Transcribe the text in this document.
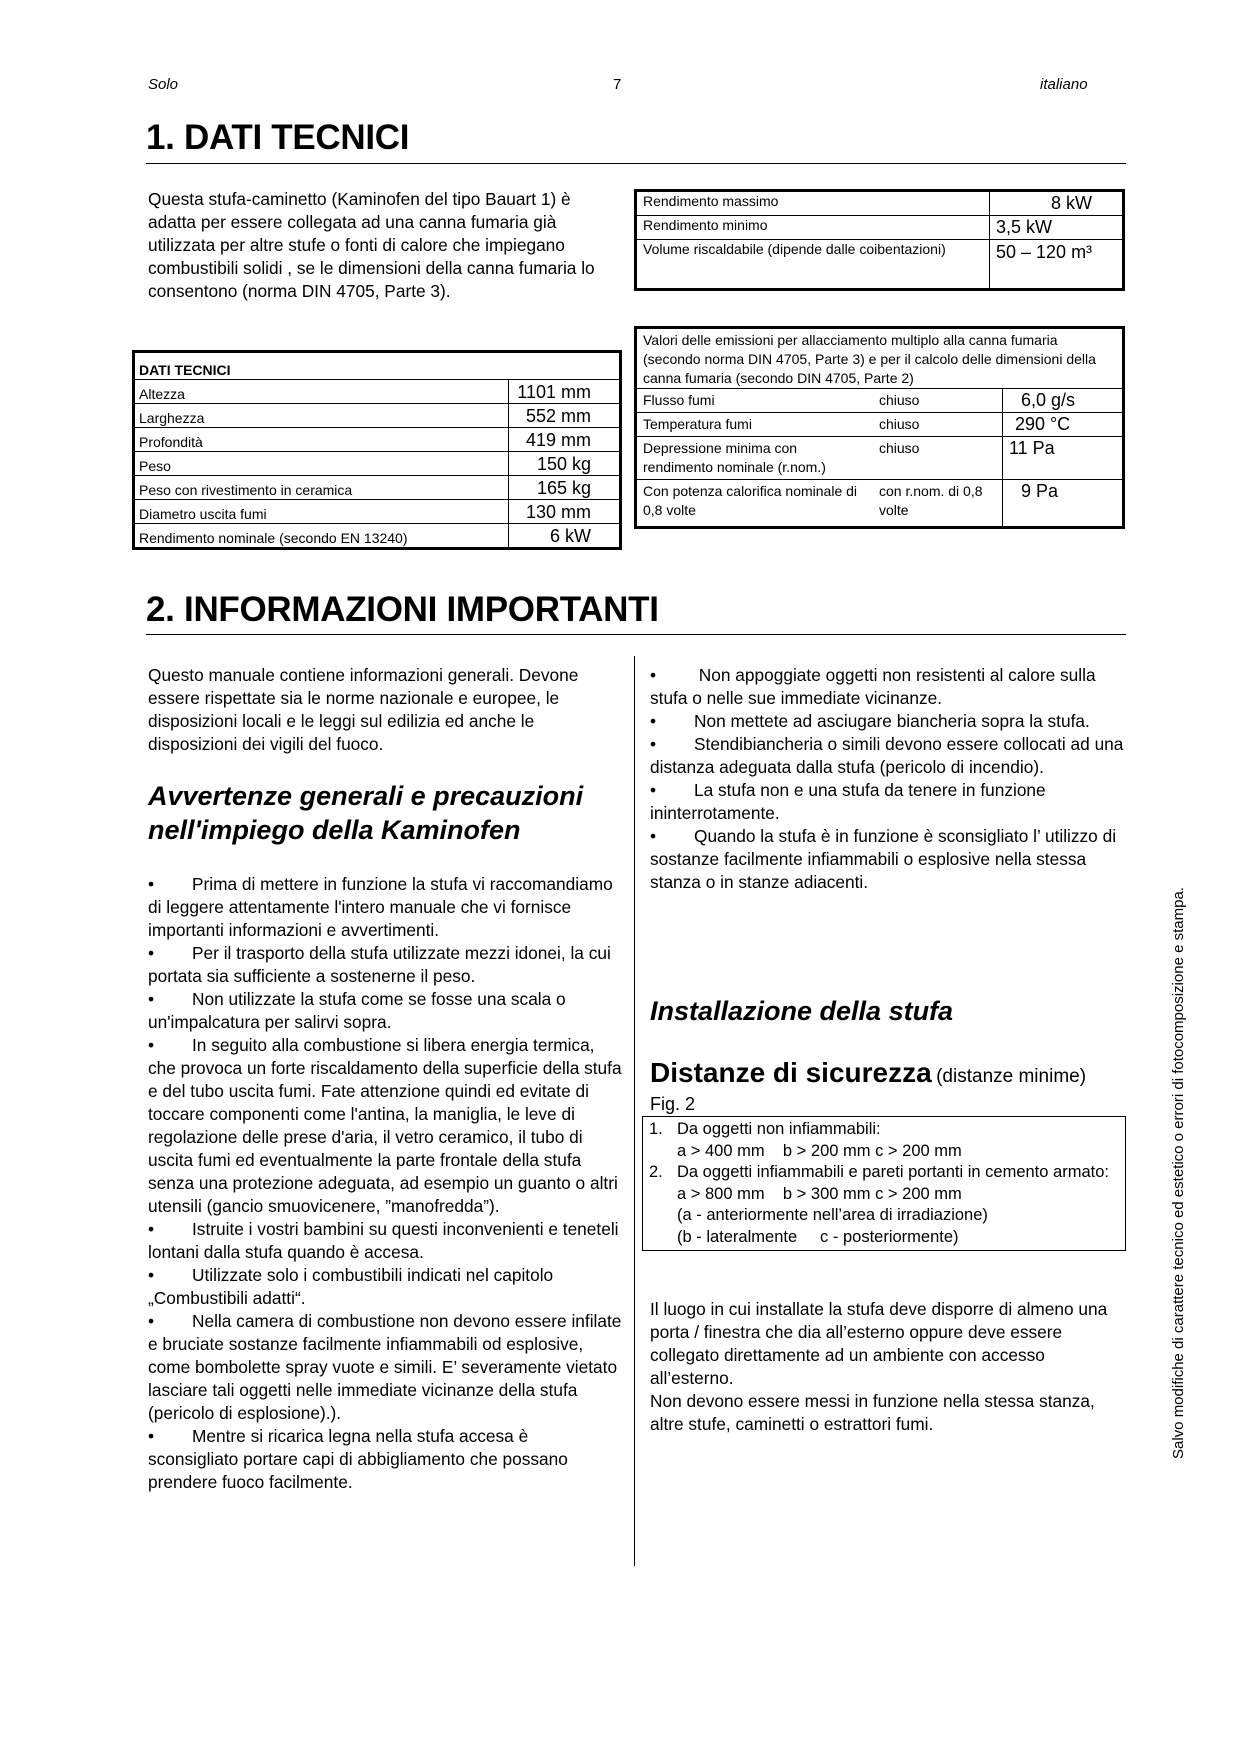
Solo	7	italiano
1. DATI TECNICI
Questa stufa-caminetto (Kaminofen del tipo Bauart 1) è adatta per essere collegata ad una canna fumaria già utilizzata per altre stufe o fonti di calore che impiegano combustibili solidi , se le dimensioni della canna fumaria lo consentono (norma DIN 4705, Parte 3).
DATI TECNICI	
Altezza	1101 mm
Larghezza	552 mm
Profondità	419 mm
Peso	150 kg
Peso con rivestimento in ceramica	165 kg
Diametro uscita fumi	130 mm
Rendimento nominale (secondo EN 13240)	6 kW
Rendimento massimo	8 kW
Rendimento minimo	3,5 kW
Volume riscaldabile (dipende dalle coibentazioni)	50 – 120 m³
Valori delle emissioni per allacciamento multiplo alla canna fumaria (secondo norma DIN 4705, Parte 3) e per il calcolo delle dimensioni della canna fumaria (secondo DIN 4705, Parte 2)		
Flusso fumi	chiuso	6,0 g/s
Temperatura fumi	chiuso	290 °C
Depressione minima con rendimento nominale (r.nom.)	chiuso	11 Pa
Con potenza calorifica nominale di 0,8 volte	con r.nom. di 0,8 volte	9 Pa
2. INFORMAZIONI IMPORTANTI
Questo manuale contiene informazioni generali. Devone essere rispettate sia le norme nazionale e europee, le disposizioni locali e le leggi sul edilizia ed anche le disposizioni dei vigili del fuoco.
Avvertenze generali e precauzioni nell'impiego della Kaminofen
• Prima di mettere in funzione la stufa vi raccomandiamo di leggere attentamente l'intero manuale che vi fornisce importanti informazioni e avvertimenti.
• Per il trasporto della stufa utilizzate mezzi idonei, la cui portata sia sufficiente a sostenerne il peso.
• Non utilizzate la stufa come se fosse una scala o un'impalcatura per salirvi sopra.
• In seguito alla combustione si libera energia termica, che provoca un forte riscaldamento della superficie della stufa e del tubo uscita fumi. Fate attenzione quindi ed evitate di toccare componenti come l'antina, la maniglia, le leve di regolazione delle prese d'aria, il vetro ceramico, il tubo di uscita fumi ed eventualmente la parte frontale della stufa senza una protezione adeguata, ad esempio un guanto o altri utensili (gancio smuovicenere, ”manofredda”).
• Istruite i vostri bambini su questi inconvenienti e teneteli lontani dalla stufa quando è accesa.
• Utilizzate solo i combustibili indicati nel capitolo „Combustibili adatti“.
• Nella camera di combustione non devono essere infilate e bruciate sostanze facilmente infiammabili od esplosive, come bombolette spray vuote e simili. E’ severamente vietato lasciare tali oggetti nelle immediate vicinanze della stufa (pericolo di esplosione).).
• Mentre si ricarica legna nella stufa accesa è sconsigliato portare capi di abbigliamento che possano prendere fuoco facilmente.
• Non appoggiate oggetti non resistenti al calore sulla stufa o nelle sue immediate vicinanze.
• Non mettete ad asciugare biancheria sopra la stufa.
• Stendibiancheria o simili devono essere collocati ad una distanza adeguata dalla stufa (pericolo di incendio).
• La stufa non e una stufa da tenere in funzione ininterrotamente.
• Quando la stufa è in funzione è sconsigliato l’ utilizzo di sostanze facilmente infiammabili o esplosive nella stessa stanza o in stanze adiacenti.
Installazione della stufa
Distanze di sicurezza (distanze minime)
Fig. 2
1. Da oggetti non infiammabili:
a > 400 mm    b > 200 mm c > 200 mm
2. Da oggetti infiammabili e pareti portanti in cemento armato:
a > 800 mm    b > 300 mm c > 200 mm
(a - anteriormente nell’area di irradiazione)
(b - lateralmente     c - posteriormente)
Il luogo in cui installate la stufa deve disporre di almeno una porta / finestra che dia all’esterno oppure deve essere collegato direttamente ad un ambiente con accesso all’esterno.
Non devono essere messi in funzione nella stessa stanza, altre stufe, caminetti o estrattori fumi.	Salvo modifiche di carattere tecnico ed estetico o errori di fotocomposizione e stampa.
